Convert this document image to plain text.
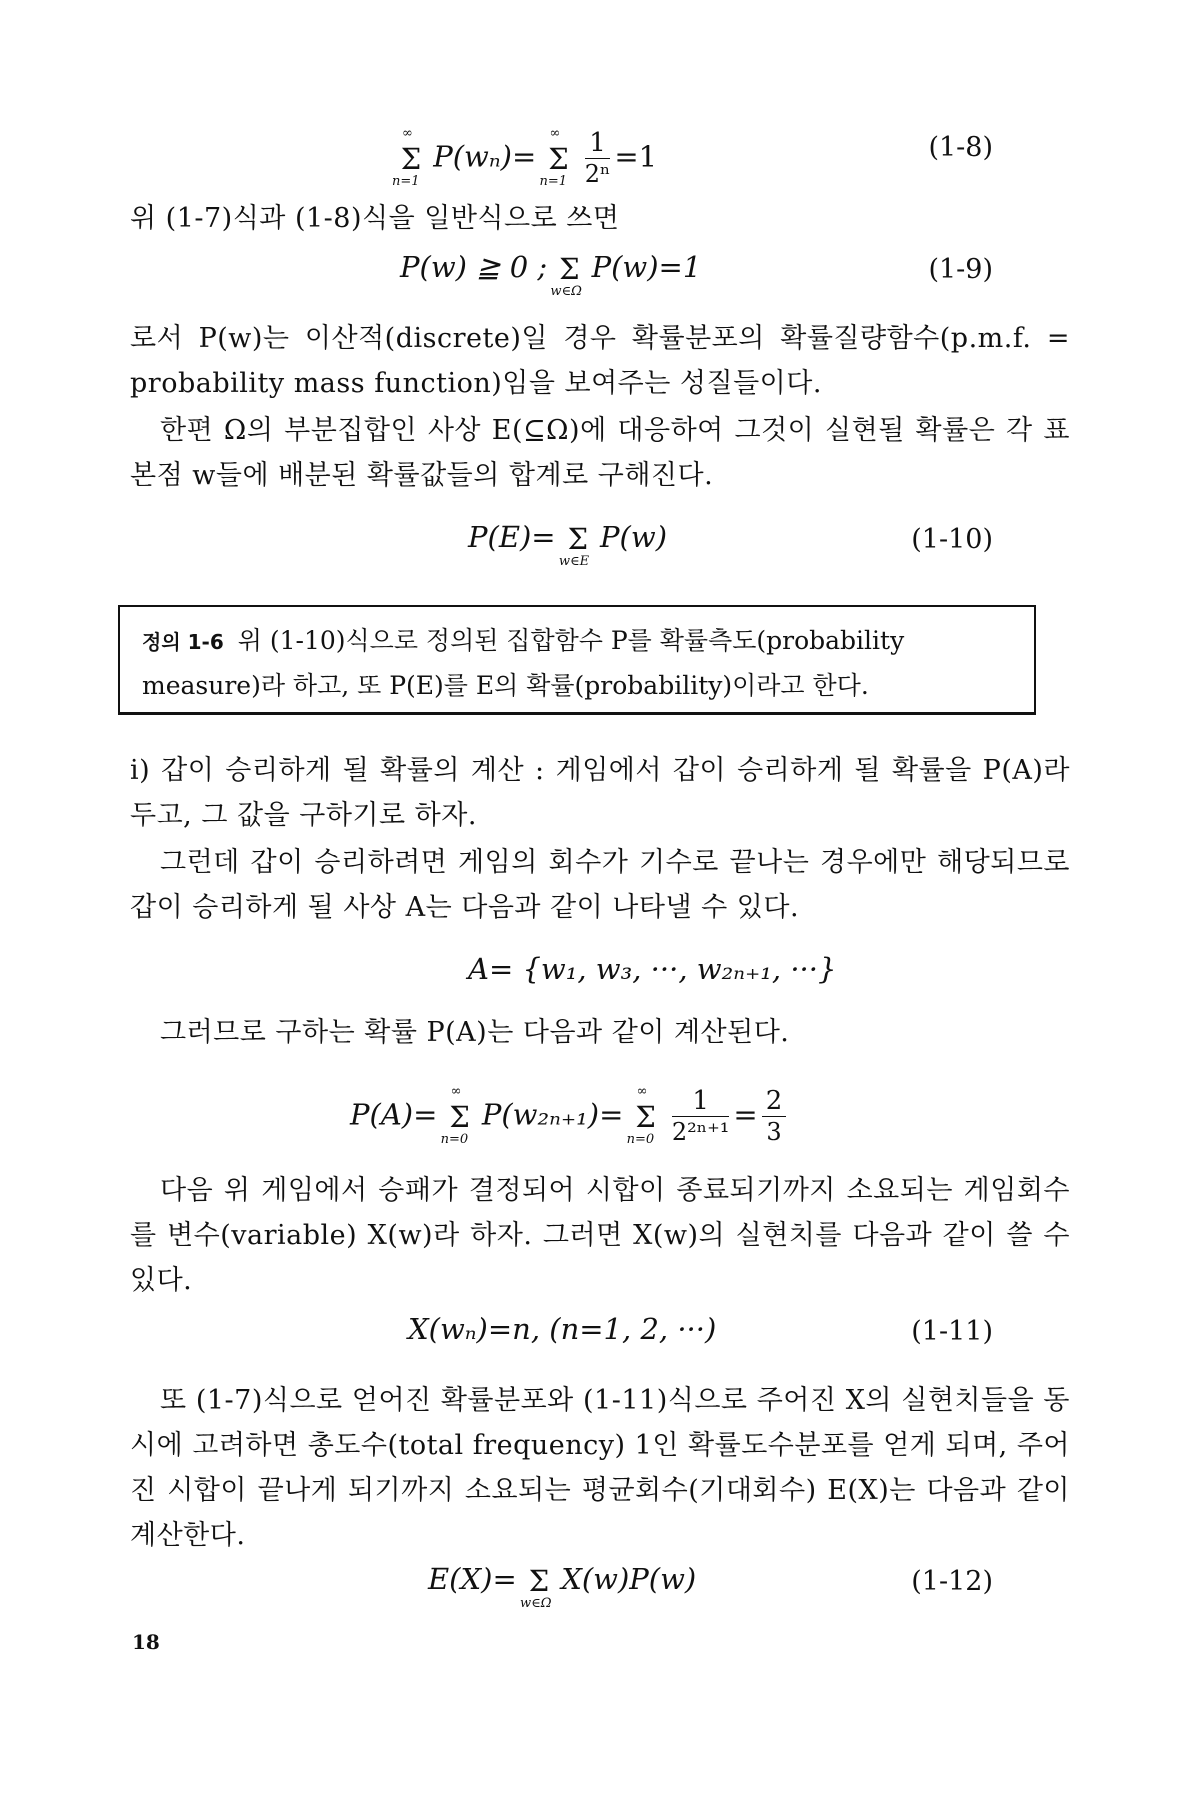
Σ
∞
n=1
P(wₙ)= Σ
∞
n=1
$\frac{1}{\text{2ⁿ}} =1$	(1-8)
위 (1-7)식과 (1-8)식을 일반식으로 쓰면
P(w) ≧ 0 ; Σ
w∈Ω
P(w)=1	(1-9)
로서 P(w)는 이산적(discrete)일 경우 확률분포의 확률질량함수(p.m.f. = probability mass function)임을 보여주는 성질들이다.
한편 Ω의 부분집합인 사상 E(⊆Ω)에 대응하여 그것이 실현될 확률은 각 표본점 w들에 배분된 확률값들의 합계로 구해진다.
P(E)= Σ
w∈E
P(w)	(1-10)
정의 1-6 위 (1-10)식으로 정의된 집합함수 P를 확률측도(probability measure)라 하고, 또 P(E)를 E의 확률(probability)이라고 한다.
i) 갑이 승리하게 될 확률의 계산 : 게임에서 갑이 승리하게 될 확률을 P(A)라 두고, 그 값을 구하기로 하자.
그런데 갑이 승리하려면 게임의 회수가 기수로 끝나는 경우에만 해당되므로 갑이 승리하게 될 사상 A는 다음과 같이 나타낼 수 있다.
A= {w₁, w₃, ···, w₂ₙ₊₁, ···}
그러므로 구하는 확률 P(A)는 다음과 같이 계산된다.
P(A)= Σ
∞
n=0
P(w₂ₙ₊₁)= Σ
∞
n=0
$\frac{1}{\text{2²ⁿ⁺¹}} = \frac{2}{3}$
다음 위 게임에서 승패가 결정되어 시합이 종료되기까지 소요되는 게임회수를 변수(variable) X(w)라 하자. 그러면 X(w)의 실현치를 다음과 같이 쓸 수 있다.
X(wₙ)=n, (n=1, 2, ···)	(1-11)
또 (1-7)식으로 얻어진 확률분포와 (1-11)식으로 주어진 X의 실현치들을 동시에 고려하면 총도수(total frequency) 1인 확률도수분포를 얻게 되며, 주어진 시합이 끝나게 되기까지 소요되는 평균회수(기대회수) E(X)는 다음과 같이 계산한다.
E(X)= Σ
w∈Ω
X(w)P(w)	(1-12)
18
